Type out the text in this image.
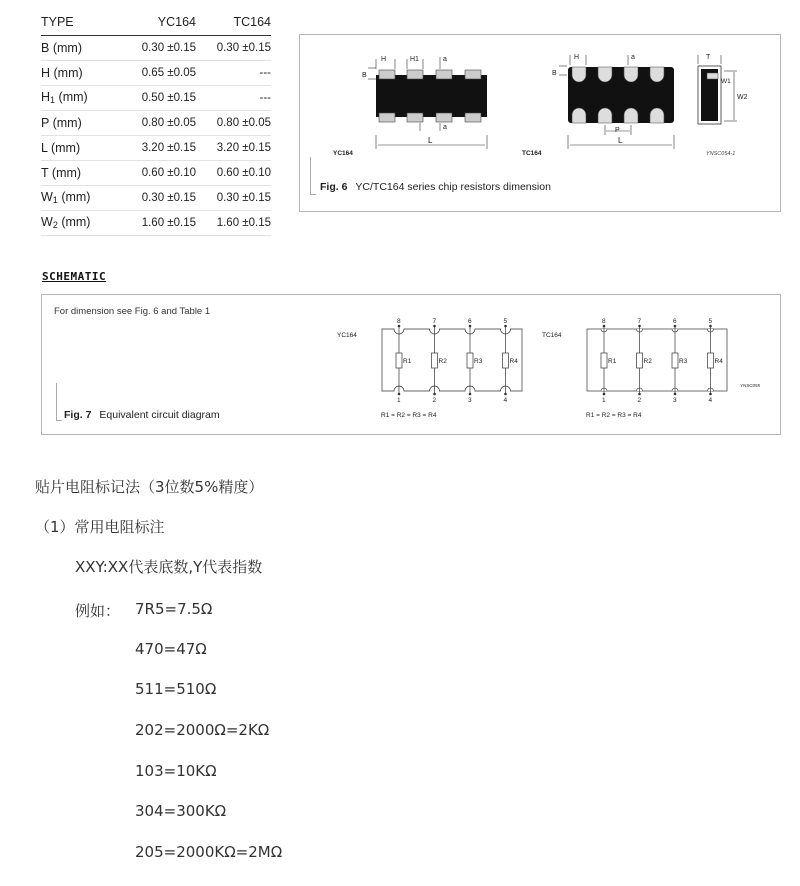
TYPE	YC164	TC164
B (mm)	0.30 ±0.15	0.30 ±0.15
H (mm)	0.65 ±0.05	---
$H_1$ (mm)	0.50 ±0.15	---
P (mm)	0.80 ±0.05	0.80 ±0.05
L (mm)	3.20 ±0.15	3.20 ±0.15
T (mm)	0.60 ±0.10	0.60 ±0.10
$W_1$ (mm)	0.30 ±0.15	0.30 ±0.15
$W_2$ (mm)	1.60 ±0.15	1.60 ±0.15
H	H1	a
B
a
L
YC164
H	a
B
P
L
TC164
T
W1
W2
YNSC054-1
Fig. 6 YC/TC164 series chip resistors dimension
SCHEMATIC
For dimension see Fig. 6 and Table 1
YC164
8
1
R1
7
2
R2
6
3
R3
5
4
R4
R1 = R2 = R3 = R4
TC164
8
1
R1
7
2
R2
6
3
R3
5
4
R4
R1 = R2 = R3 = R4
YNSC055
Fig. 7 Equivalent circuit diagram
贴片电阻标记法（3位数5%精度）
（1）常用电阻标注
XXY:XX代表底数,Y代表指数
例如： 7R5=7.5Ω
470=47Ω
511=510Ω
202=2000Ω=2KΩ
103=10KΩ
304=300KΩ
205=2000KΩ=2MΩ
